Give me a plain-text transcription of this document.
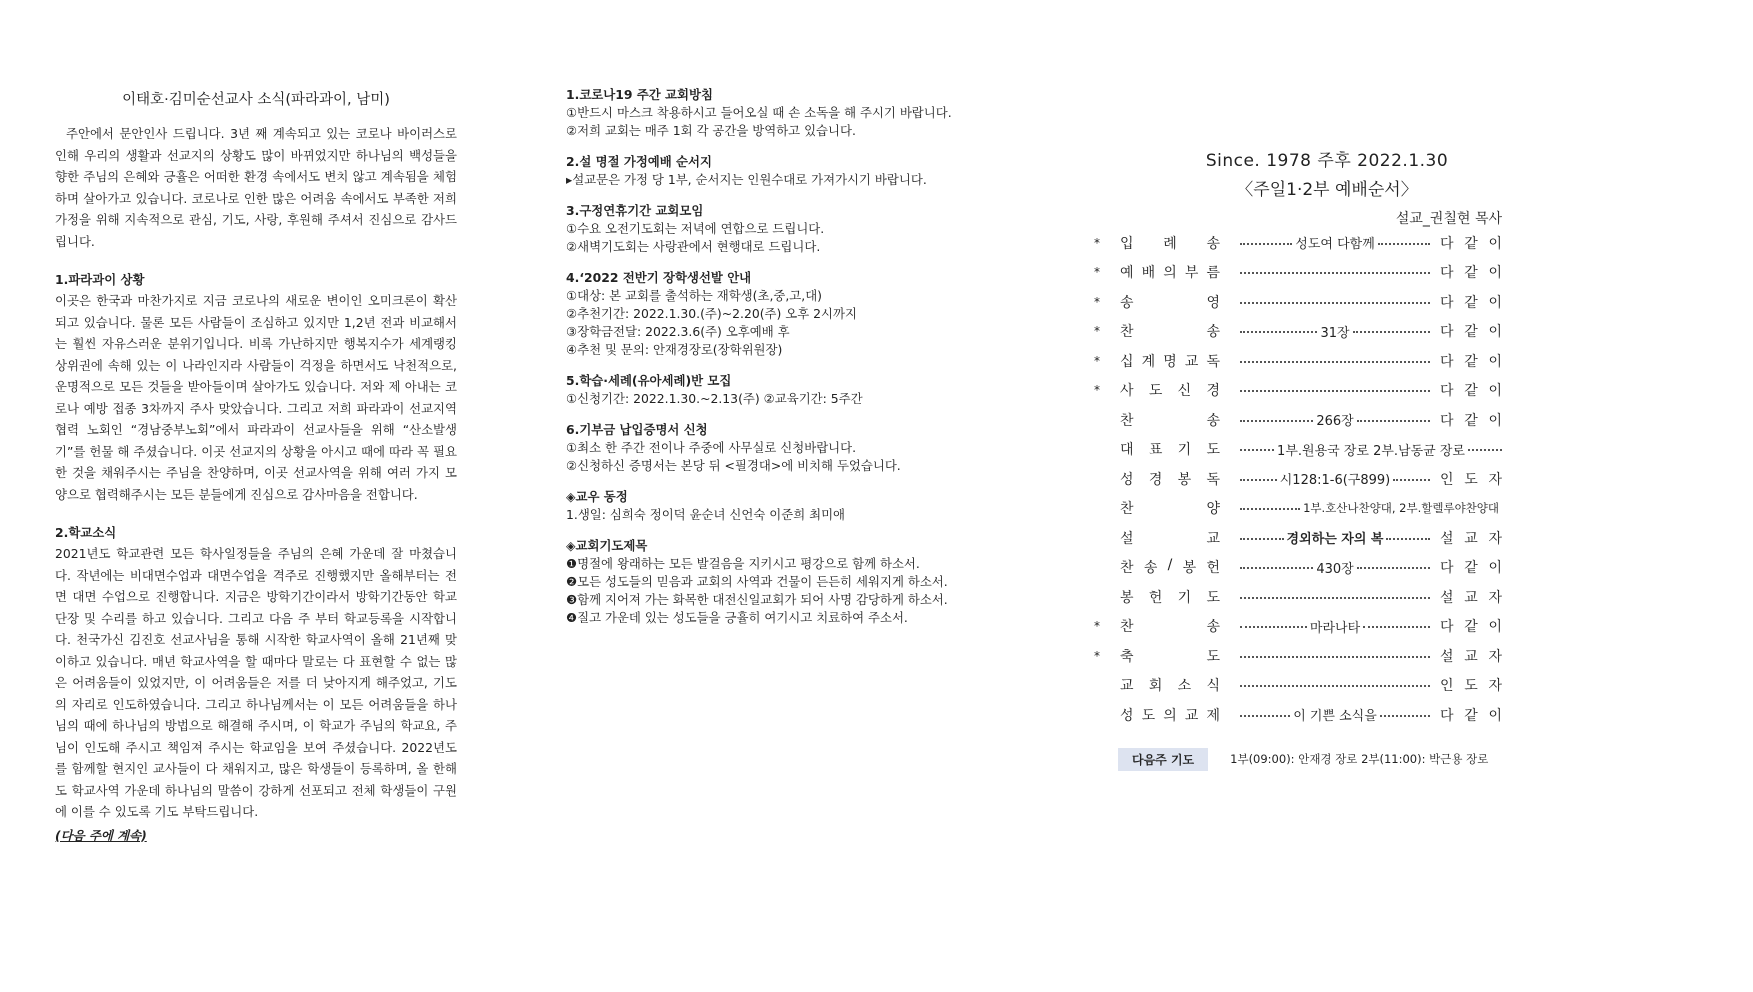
이태호·김미순선교사 소식(파라과이, 남미)

주안에서 문안인사 드립니다. 3년 째 계속되고 있는 코로나 바이러스로 인해 우리의 생활과 선교지의 상황도 많이 바뀌었지만 하나님의 백성들을 향한 주님의 은혜와 긍휼은 어떠한 환경 속에서도 변치 않고 계속됨을 체험하며 살아가고 있습니다. 코로나로 인한 많은 어려움 속에서도 부족한 저희 가정을 위해 지속적으로 관심, 기도, 사랑, 후원해 주셔서 진심으로 감사드립니다.

1.파라과이 상황

이곳은 한국과 마찬가지로 지금 코로나의 새로운 변이인 오미크론이 확산되고 있습니다. 물론 모든 사람들이 조심하고 있지만 1,2년 전과 비교해서는 훨씬 자유스러운 분위기입니다. 비록 가난하지만 행복지수가 세계랭킹 상위권에 속해 있는 이 나라인지라 사람들이 걱정을 하면서도 낙천적으로, 운명적으로 모든 것들을 받아들이며 살아가도 있습니다. 저와 제 아내는 코로나 예방 접종 3차까지 주사 맞았습니다. 그리고 저희 파라과이 선교지역 협력 노회인 “경남중부노회”에서 파라과이 선교사들을 위해 “산소발생기”를 헌물 해 주셨습니다. 이곳 선교지의 상황을 아시고 때에 따라 꼭 필요한 것을 채워주시는 주님을 찬양하며, 이곳 선교사역을 위해 여러 가지 모양으로 협력해주시는 모든 분들에게 진심으로 감사마음을 전합니다.

2.학교소식

2021년도 학교관련 모든 학사일정들을 주님의 은혜 가운데 잘 마쳤습니다. 작년에는 비대면수업과 대면수업을 격주로 진행했지만 올해부터는 전면 대면 수업으로 진행합니다. 지금은 방학기간이라서 방학기간동안 학교단장 및 수리를 하고 있습니다. 그리고 다음 주 부터 학교등록을 시작합니다. 천국가신 김진호 선교사님을 통해 시작한 학교사역이 올해 21년째 맞이하고 있습니다. 매년 학교사역을 할 때마다 말로는 다 표현할 수 없는 많은 어려움들이 있었지만, 이 어려움들은 저를 더 낮아지게 해주었고, 기도의 자리로 인도하였습니다. 그리고 하나님께서는 이 모든 어려움들을 하나님의 때에 하나님의 방법으로 해결해 주시며, 이 학교가 주님의 학교요, 주님이 인도해 주시고 책임져 주시는 학교임을 보여 주셨습니다. 2022년도를 함께할 현지인 교사들이 다 채워지고, 많은 학생들이 등록하며, 올 한해도 학교사역 가운데 하나님의 말씀이 강하게 선포되고 전체 학생들이 구원에 이를 수 있도록 기도 부탁드립니다.

(다음 주에 계속)
1.코로나19 주간 교회방침
①반드시 마스크 착용하시고 들어오실 때 손 소독을 해 주시기 바랍니다.
②저희 교회는 매주 1회 각 공간을 방역하고 있습니다.
2.설 명절 가정예배 순서지
▸설교문은 가정 당 1부, 순서지는 인원수대로 가져가시기 바랍니다.
3.구정연휴기간 교회모임
①수요 오전기도회는 저녁에 연합으로 드립니다.
②새벽기도회는 사랑관에서 현행대로 드립니다.
4.‘2022 전반기 장학생선발 안내
①대상: 본 교회를 출석하는 재학생(초,중,고,대)
②추천기간: 2022.1.30.(주)~2.20(주) 오후 2시까지
③장학금전달: 2022.3.6(주) 오후예배 후
④추천 및 문의: 안재경장로(장학위원장)
5.학습·세례(유아세례)반 모집
①신청기간: 2022.1.30.~2.13(주) ②교육기간: 5주간
6.기부금 납입증명서 신청
①최소 한 주간 전이나 주중에 사무실로 신청바랍니다.
②신청하신 증명서는 본당 뒤 <필경대>에 비치해 두었습니다.
◈교우 동정
1.생일: 심희숙 정이덕 윤순녀 신언숙 이준희 최미애
◈교회기도제목
❶명절에 왕래하는 모든 발걸음을 지키시고 평강으로 함께 하소서.
❷모든 성도들의 믿음과 교회의 사역과 건물이 든든히 세워지게 하소서.
❸함께 지어져 가는 화목한 대전신일교회가 되어 사명 감당하게 하소서.
❹질고 가운데 있는 성도들을 긍휼히 여기시고 치료하여 주소서.
Since. 1978 주후 2022.1.30
〈주일1·2부 예배순서〉
설교_권칠현 목사
*	입 례 송	성도여 다함께	다 같 이
*	예 배 의 부 름	다 같 이
*	송	영	다 같 이
*	찬	송	31장	다 같 이
*	십 계 명 교 독	다 같 이
*	사 도 신 경	다 같 이
찬	송	266장	다 같 이
대 표 기 도	1부.원용국 장로 2부.남동균 장로
성 경 봉 독	시128:1-6(구899)	인 도 자
찬	양	1부.호산나찬양대, 2부.할렐루야찬양대
설	교	경외하는 자의 복	설 교 자
찬 송 / 봉 헌	430장	다 같 이
봉 헌 기 도	설 교 자
*	찬	송	마라나타	다 같 이
*	축	도	설 교 자
교 회 소 식	인 도 자
성 도 의 교 제	이 기쁜 소식을	다 같 이
다음주 기도	1부(09:00): 안재경 장로 2부(11:00): 박근용 장로
